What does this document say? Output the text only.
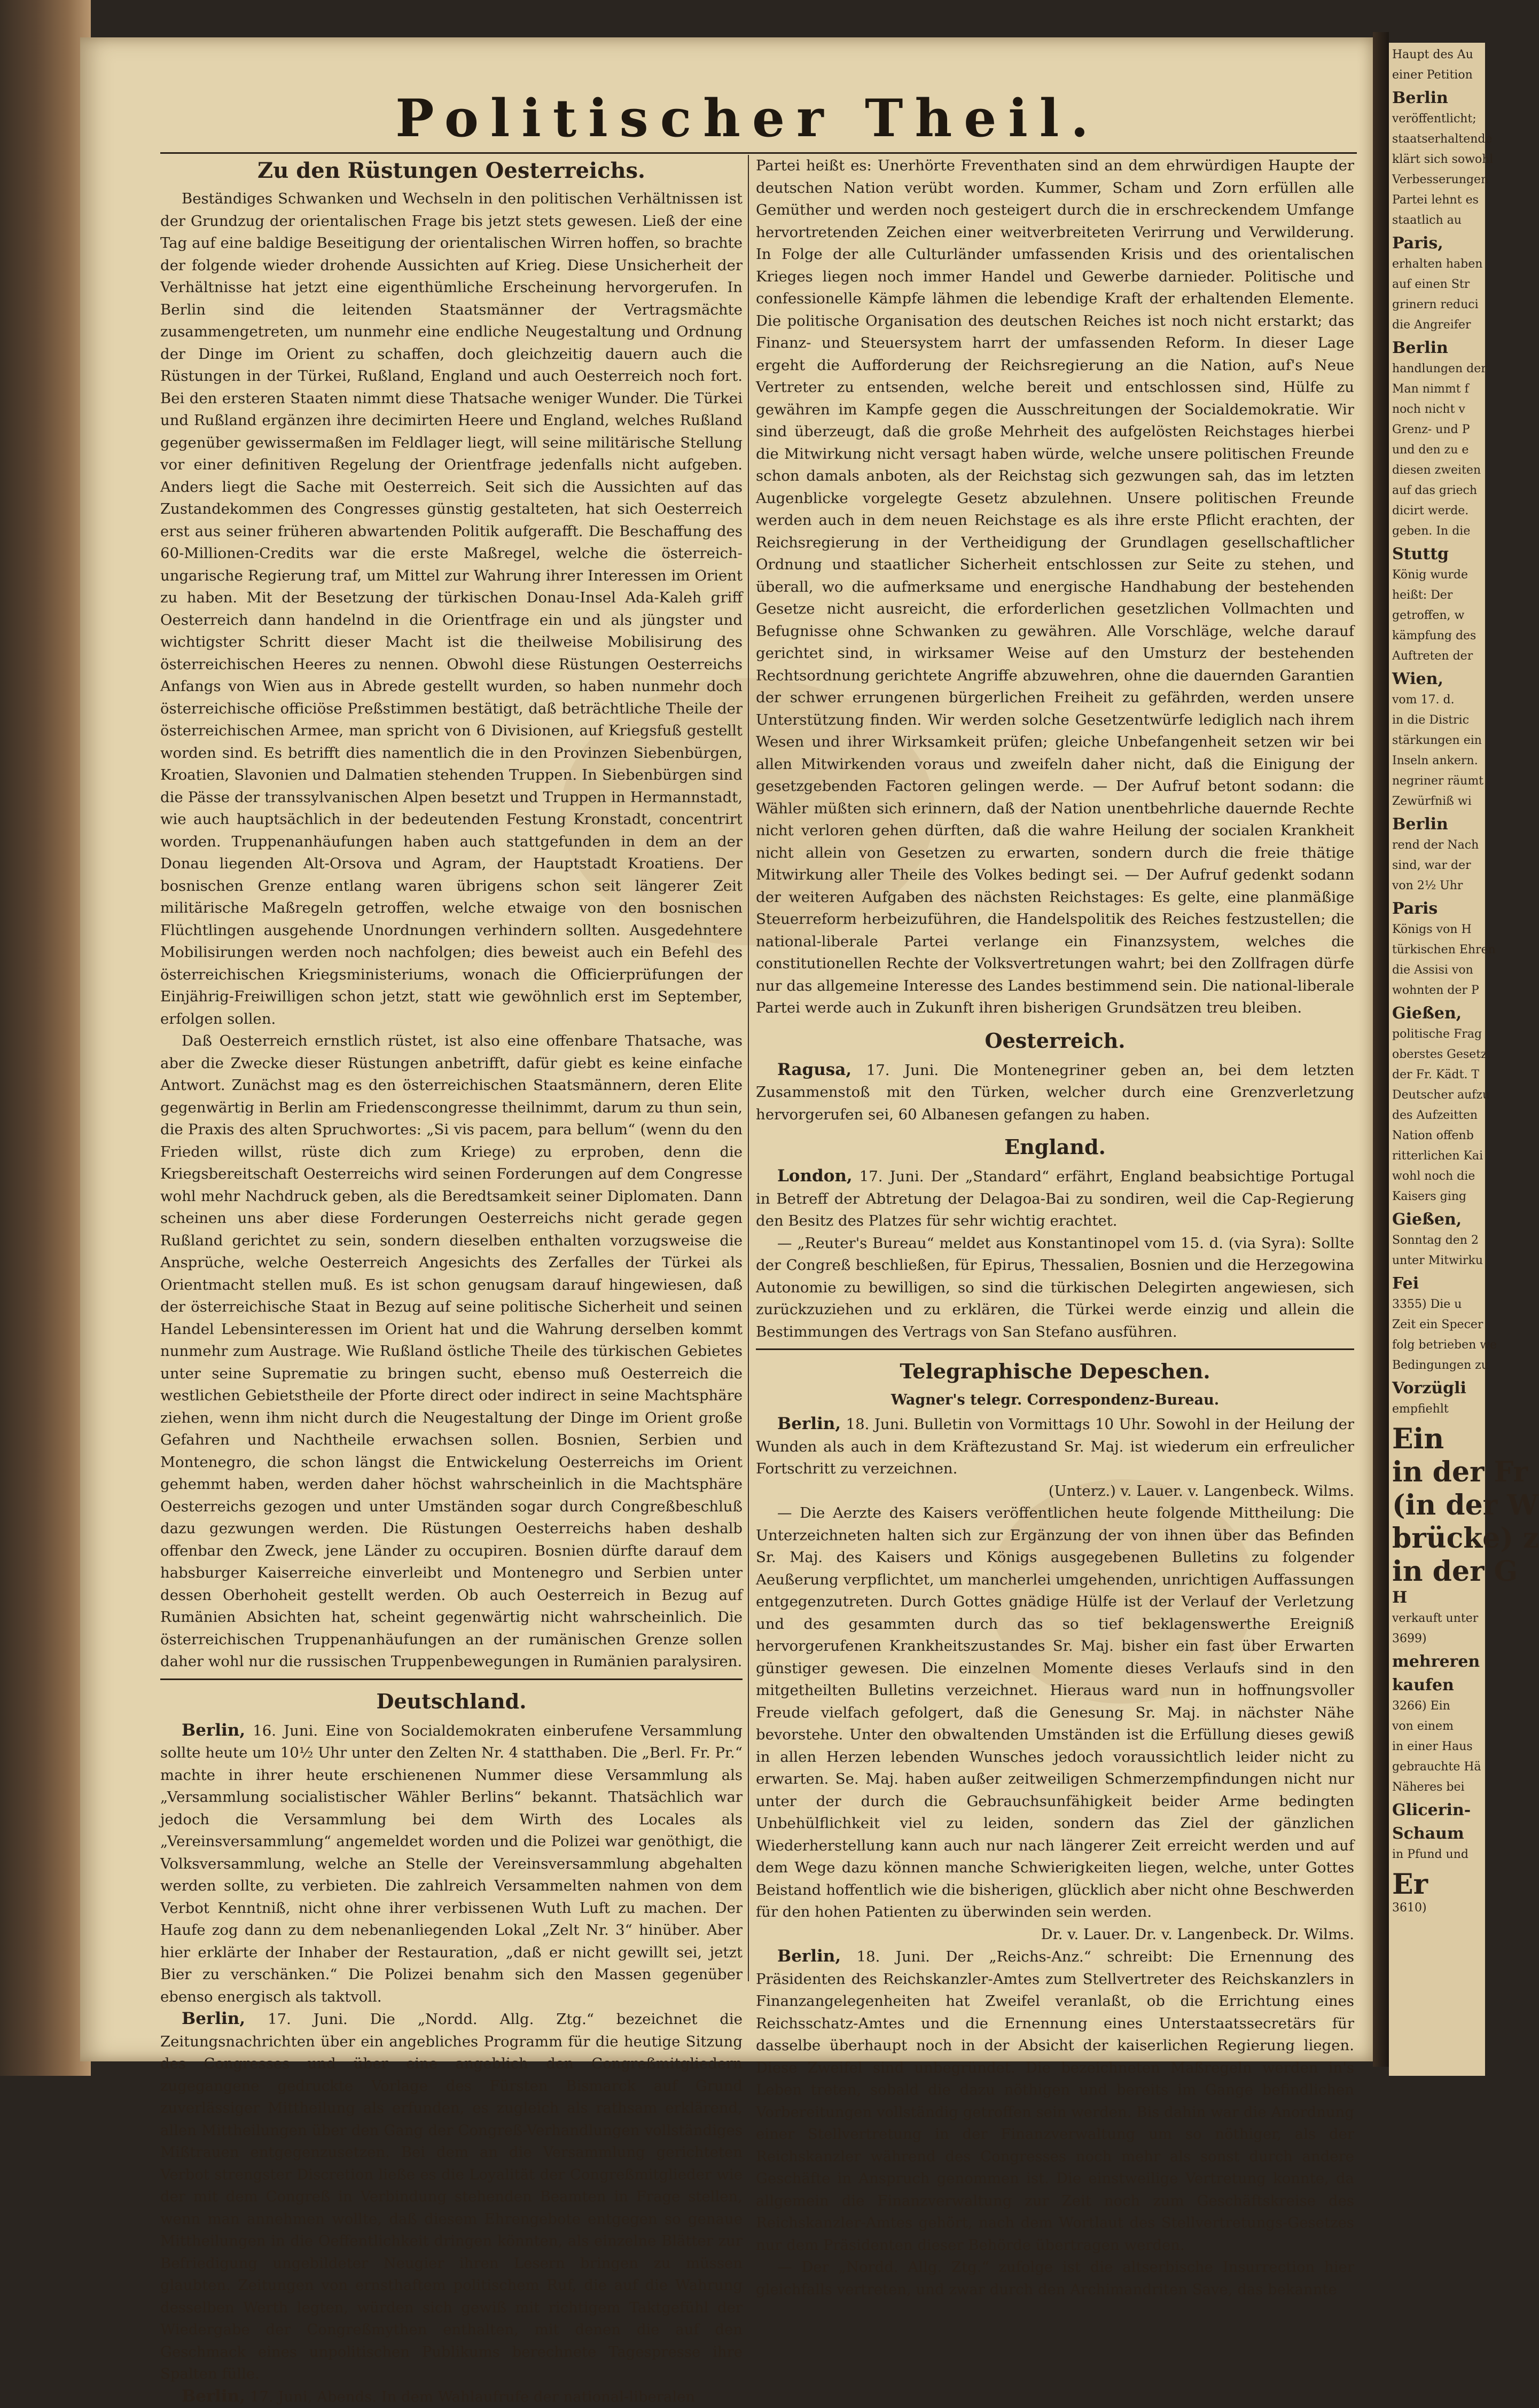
Politischer Theil.
Zu den Rüstungen Oesterreichs.

Beständiges Schwanken und Wechseln in den politischen Verhältnissen ist der Grundzug der orientalischen Frage bis jetzt stets gewesen. Ließ der eine Tag auf eine baldige Beseitigung der orientalischen Wirren hoffen, so brachte der folgende wieder drohende Aussichten auf Krieg. Diese Unsicherheit der Verhältnisse hat jetzt eine eigenthümliche Erscheinung hervorgerufen. In Berlin sind die leitenden Staatsmänner der Vertragsmächte zusammengetreten, um nunmehr eine endliche Neugestaltung und Ordnung der Dinge im Orient zu schaffen, doch gleichzeitig dauern auch die Rüstungen in der Türkei, Rußland, England und auch Oesterreich noch fort. Bei den ersteren Staaten nimmt diese Thatsache weniger Wunder. Die Türkei und Rußland ergänzen ihre decimirten Heere und England, welches Rußland gegenüber gewissermaßen im Feldlager liegt, will seine militärische Stellung vor einer definitiven Regelung der Orientfrage jedenfalls nicht aufgeben. Anders liegt die Sache mit Oesterreich. Seit sich die Aussichten auf das Zustandekommen des Congresses günstig gestalteten, hat sich Oesterreich erst aus seiner früheren abwartenden Politik aufgerafft. Die Beschaffung des 60-Millionen-Credits war die erste Maßregel, welche die österreich-ungarische Regierung traf, um Mittel zur Wahrung ihrer Interessen im Orient zu haben. Mit der Besetzung der türkischen Donau-Insel Ada-Kaleh griff Oesterreich dann handelnd in die Orientfrage ein und als jüngster und wichtigster Schritt dieser Macht ist die theilweise Mobilisirung des österreichischen Heeres zu nennen. Obwohl diese Rüstungen Oesterreichs Anfangs von Wien aus in Abrede gestellt wurden, so haben nunmehr doch österreichische officiöse Preßstimmen bestätigt, daß beträchtliche Theile der österreichischen Armee, man spricht von 6 Divisionen, auf Kriegsfuß gestellt worden sind. Es betrifft dies namentlich die in den Provinzen Siebenbürgen, Kroatien, Slavonien und Dalmatien stehenden Truppen. In Siebenbürgen sind die Pässe der transsylvanischen Alpen besetzt und Truppen in Hermannstadt, wie auch hauptsächlich in der bedeutenden Festung Kronstadt, concentrirt worden. Truppenanhäufungen haben auch stattgefunden in dem an der Donau liegenden Alt-Orsova und Agram, der Hauptstadt Kroatiens. Der bosnischen Grenze entlang waren übrigens schon seit längerer Zeit militärische Maßregeln getroffen, welche etwaige von den bosnischen Flüchtlingen ausgehende Unordnungen verhindern sollten. Ausgedehntere Mobilisirungen werden noch nachfolgen; dies beweist auch ein Befehl des österreichischen Kriegsministeriums, wonach die Officierprüfungen der Einjährig-Freiwilligen schon jetzt, statt wie gewöhnlich erst im September, erfolgen sollen.

Daß Oesterreich ernstlich rüstet, ist also eine offenbare Thatsache, was aber die Zwecke dieser Rüstungen anbetrifft, dafür giebt es keine einfache Antwort. Zunächst mag es den österreichischen Staatsmännern, deren Elite gegenwärtig in Berlin am Friedenscongresse theilnimmt, darum zu thun sein, die Praxis des alten Spruchwortes: „Si vis pacem, para bellum“ (wenn du den Frieden willst, rüste dich zum Kriege) zu erproben, denn die Kriegsbereitschaft Oesterreichs wird seinen Forderungen auf dem Congresse wohl mehr Nachdruck geben, als die Beredtsamkeit seiner Diplomaten. Dann scheinen uns aber diese Forderungen Oesterreichs nicht gerade gegen Rußland gerichtet zu sein, sondern dieselben enthalten vorzugsweise die Ansprüche, welche Oesterreich Angesichts des Zerfalles der Türkei als Orientmacht stellen muß. Es ist schon genugsam darauf hingewiesen, daß der österreichische Staat in Bezug auf seine politische Sicherheit und seinen Handel Lebensinteressen im Orient hat und die Wahrung derselben kommt nunmehr zum Austrage. Wie Rußland östliche Theile des türkischen Gebietes unter seine Suprematie zu bringen sucht, ebenso muß Oesterreich die westlichen Gebietstheile der Pforte direct oder indirect in seine Machtsphäre ziehen, wenn ihm nicht durch die Neugestaltung der Dinge im Orient große Gefahren und Nachtheile erwachsen sollen. Bosnien, Serbien und Montenegro, die schon längst die Entwickelung Oesterreichs im Orient gehemmt haben, werden daher höchst wahrscheinlich in die Machtsphäre Oesterreichs gezogen und unter Umständen sogar durch Congreßbeschluß dazu gezwungen werden. Die Rüstungen Oesterreichs haben deshalb offenbar den Zweck, jene Länder zu occupiren. Bosnien dürfte darauf dem habsburger Kaiserreiche einverleibt und Montenegro und Serbien unter dessen Oberhoheit gestellt werden. Ob auch Oesterreich in Bezug auf Rumänien Absichten hat, scheint gegenwärtig nicht wahrscheinlich. Die österreichischen Truppenanhäufungen an der rumänischen Grenze sollen daher wohl nur die russischen Truppenbewegungen in Rumänien paralysiren.

Deutschland.

Berlin, 16. Juni. Eine von Socialdemokraten einberufene Versammlung sollte heute um 10½ Uhr unter den Zelten Nr. 4 statthaben. Die „Berl. Fr. Pr.“ machte in ihrer heute erschienenen Nummer diese Versammlung als „Versammlung socialistischer Wähler Berlins“ bekannt. Thatsächlich war jedoch die Versammlung bei dem Wirth des Locales als „Vereinsversammlung“ angemeldet worden und die Polizei war genöthigt, die Volksversammlung, welche an Stelle der Vereinsversammlung abgehalten werden sollte, zu verbieten. Die zahlreich Versammelten nahmen von dem Verbot Kenntniß, nicht ohne ihrer verbissenen Wuth Luft zu machen. Der Haufe zog dann zu dem nebenanliegenden Lokal „Zelt Nr. 3“ hinüber. Aber hier erklärte der Inhaber der Restauration, „daß er nicht gewillt sei, jetzt Bier zu verschänken.“ Die Polizei benahm sich den Massen gegenüber ebenso energisch als taktvoll.

Berlin, 17. Juni. Die „Nordd. Allg. Ztg.“ bezeichnet die Zeitungsnachrichten über ein angebliches Programm für die heutige Sitzung des Congresses und über eine angeblich den Congreßmitgliedern zugegangene gedruckte Vorlage des Fürsten Bismarck auf Grund zuverlässiger Mittheilung als erfunden, es zugleich als rathsam erklärend, allen Mittheilungen über den Gang der Congreß-Verhandlungen vollständiges Mißtrauen entgegenzusetzen. Bei dem an die Versammlung gerichteten Verbot strengster Discretion ließe es die Loyalität der Congreßmitglieder wie der mit dem Congreß in Verbindung stehenden Beamten in Frage stellen, wenn man annehmen wollte, daß diesem Ehrengebote entgegen so genaue Mittheilungen in die Oeffentlichkeit dringen könnten, als einzelne Blätter zur Befriedigung ungebildeter Neugier ihren Lesern bringen zu müssen glaubten. Zeitungen von ernsthaftem politischem Ruf, die auf die Wahrung desselben Werth legten, würden sich gewiß mit richtigem Taktgefühl der Wiedergabe der Congreßmythen enthalten, mit denen die auf den Geschmack eines unpolitischen Publikums berechnete Tagespresse ihre Spalten fülle.

Berlin, 17. Juni, Abends. In dem Wahlaufrufe der national-liberalen

Partei heißt es: Unerhörte Freventhaten sind an dem ehrwürdigen Haupte der deutschen Nation verübt worden. Kummer, Scham und Zorn erfüllen alle Gemüther und werden noch gesteigert durch die in erschreckendem Umfange hervortretenden Zeichen einer weitverbreiteten Verirrung und Verwilderung. In Folge der alle Culturländer umfassenden Krisis und des orientalischen Krieges liegen noch immer Handel und Gewerbe darnieder. Politische und confessionelle Kämpfe lähmen die lebendige Kraft der erhaltenden Elemente. Die politische Organisation des deutschen Reiches ist noch nicht erstarkt; das Finanz- und Steuersystem harrt der umfassenden Reform. In dieser Lage ergeht die Aufforderung der Reichsregierung an die Nation, auf's Neue Vertreter zu entsenden, welche bereit und entschlossen sind, Hülfe zu gewähren im Kampfe gegen die Ausschreitungen der Socialdemokratie. Wir sind überzeugt, daß die große Mehrheit des aufgelösten Reichstages hierbei die Mitwirkung nicht versagt haben würde, welche unsere politischen Freunde schon damals anboten, als der Reichstag sich gezwungen sah, das im letzten Augenblicke vorgelegte Gesetz abzulehnen. Unsere politischen Freunde werden auch in dem neuen Reichstage es als ihre erste Pflicht erachten, der Reichsregierung in der Vertheidigung der Grundlagen gesellschaftlicher Ordnung und staatlicher Sicherheit entschlossen zur Seite zu stehen, und überall, wo die aufmerksame und energische Handhabung der bestehenden Gesetze nicht ausreicht, die erforderlichen gesetzlichen Vollmachten und Befugnisse ohne Schwanken zu gewähren. Alle Vorschläge, welche darauf gerichtet sind, in wirksamer Weise auf den Umsturz der bestehenden Rechtsordnung gerichtete Angriffe abzuwehren, ohne die dauernden Garantien der schwer errungenen bürgerlichen Freiheit zu gefährden, werden unsere Unterstützung finden. Wir werden solche Gesetzentwürfe lediglich nach ihrem Wesen und ihrer Wirksamkeit prüfen; gleiche Unbefangenheit setzen wir bei allen Mitwirkenden voraus und zweifeln daher nicht, daß die Einigung der gesetzgebenden Factoren gelingen werde. — Der Aufruf betont sodann: die Wähler müßten sich erinnern, daß der Nation unentbehrliche dauernde Rechte nicht verloren gehen dürften, daß die wahre Heilung der socialen Krankheit nicht allein von Gesetzen zu erwarten, sondern durch die freie thätige Mitwirkung aller Theile des Volkes bedingt sei. — Der Aufruf gedenkt sodann der weiteren Aufgaben des nächsten Reichstages: Es gelte, eine planmäßige Steuerreform herbeizuführen, die Handelspolitik des Reiches festzustellen; die national-liberale Partei verlange ein Finanzsystem, welches die constitutionellen Rechte der Volksvertretungen wahrt; bei den Zollfragen dürfe nur das allgemeine Interesse des Landes bestimmend sein. Die national-liberale Partei werde auch in Zukunft ihren bisherigen Grundsätzen treu bleiben.

Oesterreich.

Ragusa, 17. Juni. Die Montenegriner geben an, bei dem letzten Zusammenstoß mit den Türken, welcher durch eine Grenzverletzung hervorgerufen sei, 60 Albanesen gefangen zu haben.

England.

London, 17. Juni. Der „Standard“ erfährt, England beabsichtige Portugal in Betreff der Abtretung der Delagoa-Bai zu sondiren, weil die Cap-Regierung den Besitz des Platzes für sehr wichtig erachtet.

— „Reuter's Bureau“ meldet aus Konstantinopel vom 15. d. (via Syra): Sollte der Congreß beschließen, für Epirus, Thessalien, Bosnien und die Herzegowina Autonomie zu bewilligen, so sind die türkischen Delegirten angewiesen, sich zurückzuziehen und zu erklären, die Türkei werde einzig und allein die Bestimmungen des Vertrags von San Stefano ausführen.

Telegraphische Depeschen.
Wagner's telegr. Correspondenz-Bureau.

Berlin, 18. Juni. Bulletin von Vormittags 10 Uhr. Sowohl in der Heilung der Wunden als auch in dem Kräftezustand Sr. Maj. ist wiederum ein erfreulicher Fortschritt zu verzeichnen.

(Unterz.) v. Lauer. v. Langenbeck. Wilms.

— Die Aerzte des Kaisers veröffentlichen heute folgende Mittheilung: Die Unterzeichneten halten sich zur Ergänzung der von ihnen über das Befinden Sr. Maj. des Kaisers und Königs ausgegebenen Bulletins zu folgender Aeußerung verpflichtet, um mancherlei umgehenden, unrichtigen Auffassungen entgegenzutreten. Durch Gottes gnädige Hülfe ist der Verlauf der Verletzung und des gesammten durch das so tief beklagenswerthe Ereigniß hervorgerufenen Krankheitszustandes Sr. Maj. bisher ein fast über Erwarten günstiger gewesen. Die einzelnen Momente dieses Verlaufs sind in den mitgetheilten Bulletins verzeichnet. Hieraus ward nun in hoffnungsvoller Freude vielfach gefolgert, daß die Genesung Sr. Maj. in nächster Nähe bevorstehe. Unter den obwaltenden Umständen ist die Erfüllung dieses gewiß in allen Herzen lebenden Wunsches jedoch voraussichtlich leider nicht zu erwarten. Se. Maj. haben außer zeitweiligen Schmerzempfindungen nicht nur unter der durch die Gebrauchsunfähigkeit beider Arme bedingten Unbehülflichkeit viel zu leiden, sondern das Ziel der gänzlichen Wiederherstellung kann auch nur nach längerer Zeit erreicht werden und auf dem Wege dazu können manche Schwierigkeiten liegen, welche, unter Gottes Beistand hoffentlich wie die bisherigen, glücklich aber nicht ohne Beschwerden für den hohen Patienten zu überwinden sein werden.

Dr. v. Lauer. Dr. v. Langenbeck. Dr. Wilms.

Berlin, 18. Juni. Der „Reichs-Anz.“ schreibt: Die Ernennung des Präsidenten des Reichskanzler-Amtes zum Stellvertreter des Reichskanzlers in Finanzangelegenheiten hat Zweifel veranlaßt, ob die Errichtung eines Reichsschatz-Amtes und die Ernennung eines Unterstaatssecretärs für dasselbe überhaupt noch in der Absicht der kaiserlichen Regierung liegen. Diese Zweifel sind unbegründet. Die bezeichneten Maßregeln werden in's Leben treten, sobald die dazu nöthigen und bereits im Gange befindlichen Vorbereitungen vollständig getroffen sein werden. Bis dahin war die Anordnung einer Stellvertretung in der Finanzverwaltung um so nöthiger, als der Reichskanzler während des Congresses noch mehr als sonst durch andere Geschäfte in Anspruch genommen ist. Die einstweilige Vertretung konnte, da allgemein die Finanzverwaltung zur Zeit noch zum Geschäftskreise des Reichskanzler-Amtes gehört, nach dem Wortlaut des Stellvertretungs-Gesetzes nur dem Präsidenten dieser Behörde übertragen werden.

— Der „Nordd. Allg. Ztg.“ zufolge ist die altserbische Insurrection hier gleichfalls vertreten, und zwar durch den Archimandriten Save, das bekannte

Haupt des Au
einer Petition
Berlin
veröffentlicht;
staatserhaltende
klärt sich sowohl
Verbesserungen
Partei lehnt es
staatlich au
Paris,
erhalten haben
auf einen Str
grinern reduci
die Angreifer
Berlin
handlungen der
Man nimmt f
noch nicht v
Grenz- und P
und den zu e
diesen zweiten
auf das griech
dicirt werde.
geben. In die
Stuttg
König wurde
heißt: Der
getroffen, w
kämpfung des
Auftreten der
Wien,
vom 17. d.
in die Distric
stärkungen ein
Inseln ankern.
negriner räumt
Zewürfniß wi
Berlin
rend der Nach
sind, war der
von 2½ Uhr
Paris
Königs von H
türkischen Ehren
die Assisi von
wohnten der P
Gießen,
politische Frag
oberstes Gesetz.
der Fr. Kädt. T
Deutscher aufzu
des Aufzeitten
Nation offenb
ritterlichen Kai
wohl noch die
Kaisers ging
Gießen,
Sonntag den 2
unter Mitwirku
Fei
3355) Die u
Zeit ein Specer
folg betrieben we
Bedingungen zu
Vorzügli
empfiehlt
Ein
in der Fr
(in der W
brücke) z
in der G
H
verkauft unter
3699)
mehreren
kaufen
3266) Ein
von einem
in einer Haus
gebrauchte Hä
Näheres bei
Glicerin-
Schaum
in Pfund und
Er
3610)
